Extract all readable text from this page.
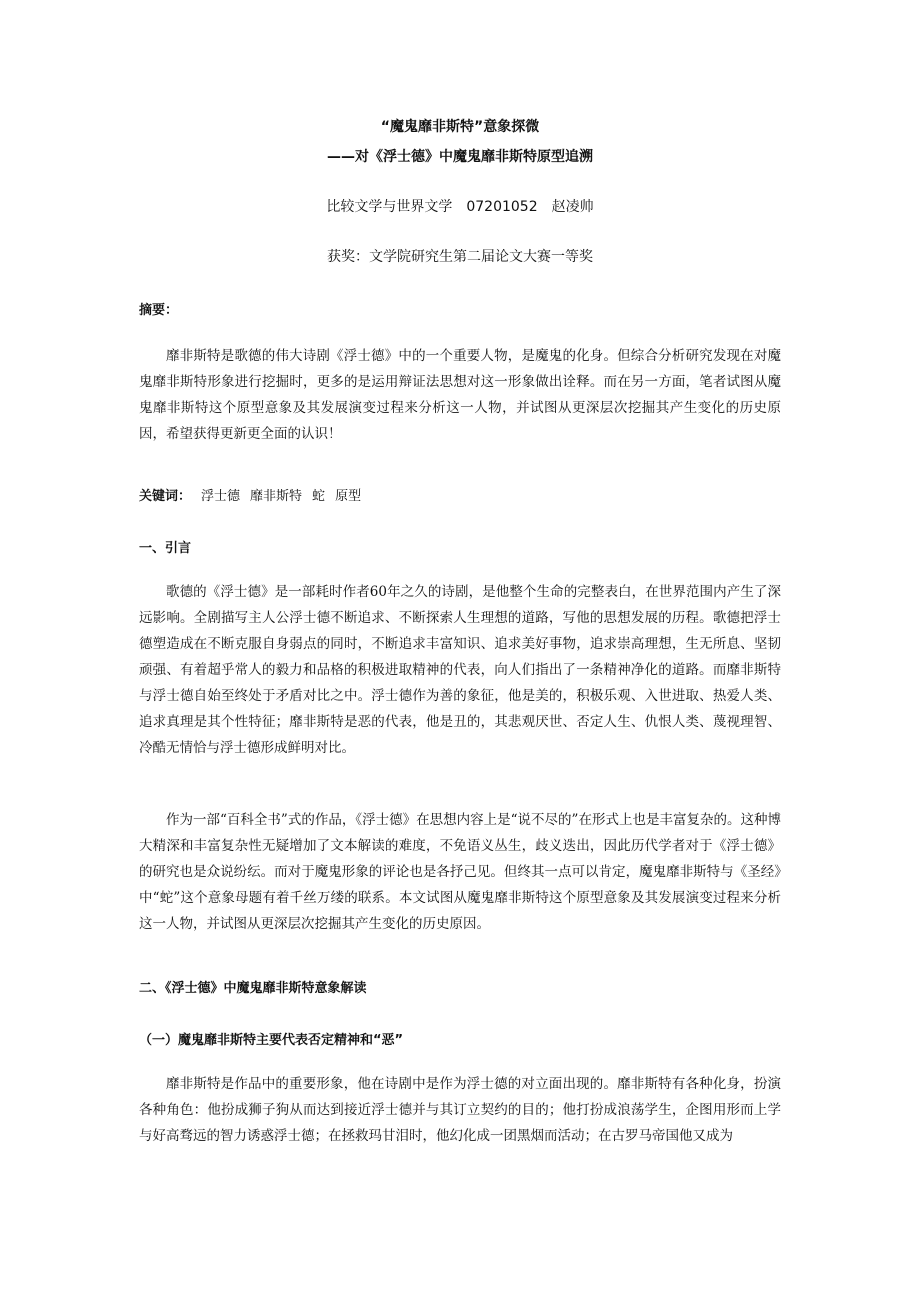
“魔鬼靡非斯特”意象探微
——对《浮士德》中魔鬼靡非斯特原型追溯
比较文学与世界文学 07201052 赵凌帅
获奖：文学院研究生第二届论文大赛一等奖
摘要：
靡非斯特是歌德的伟大诗剧《浮士德》中的一个重要人物，是魔鬼的化身。但综合分析研究发现在对魔鬼靡非斯特形象进行挖掘时，更多的是运用辩证法思想对这一形象做出诠释。而在另一方面，笔者试图从魔鬼靡非斯特这个原型意象及其发展演变过程来分析这一人物，并试图从更深层次挖掘其产生变化的历史原因，希望获得更新更全面的认识！
关键词： 浮士德 靡非斯特 蛇 原型
一、引言
歌德的《浮士德》是一部耗时作者60年之久的诗剧，是他整个生命的完整表白，在世界范围内产生了深远影响。全剧描写主人公浮士德不断追求、不断探索人生理想的道路，写他的思想发展的历程。歌德把浮士德塑造成在不断克服自身弱点的同时，不断追求丰富知识、追求美好事物，追求崇高理想，生无所息、坚韧顽强、有着超乎常人的毅力和品格的积极进取精神的代表，向人们指出了一条精神净化的道路。而靡非斯特与浮士德自始至终处于矛盾对比之中。浮士德作为善的象征，他是美的，积极乐观、入世进取、热爱人类、追求真理是其个性特征；靡非斯特是恶的代表，他是丑的，其悲观厌世、否定人生、仇恨人类、蔑视理智、冷酷无情恰与浮士德形成鲜明对比。
作为一部“百科全书”式的作品，《浮士德》在思想内容上是“说不尽的”在形式上也是丰富复杂的。这种博大精深和丰富复杂性无疑增加了文本解读的难度，不免语义丛生，歧义迭出，因此历代学者对于《浮士德》的研究也是众说纷纭。而对于魔鬼形象的评论也是各抒己见。但终其一点可以肯定，魔鬼靡非斯特与《圣经》中“蛇”这个意象母题有着千丝万缕的联系。本文试图从魔鬼靡非斯特这个原型意象及其发展演变过程来分析这一人物，并试图从更深层次挖掘其产生变化的历史原因。
二、《浮士德》中魔鬼靡非斯特意象解读
（一）魔鬼靡非斯特主要代表否定精神和“恶”
靡非斯特是作品中的重要形象，他在诗剧中是作为浮士德的对立面出现的。靡非斯特有各种化身，扮演各种角色：他扮成狮子狗从而达到接近浮士德并与其订立契约的目的；他打扮成浪荡学生，企图用形而上学与好高骛远的智力诱惑浮士德；在拯救玛甘泪时，他幻化成一团黑烟而活动；在古罗马帝国他又成为
